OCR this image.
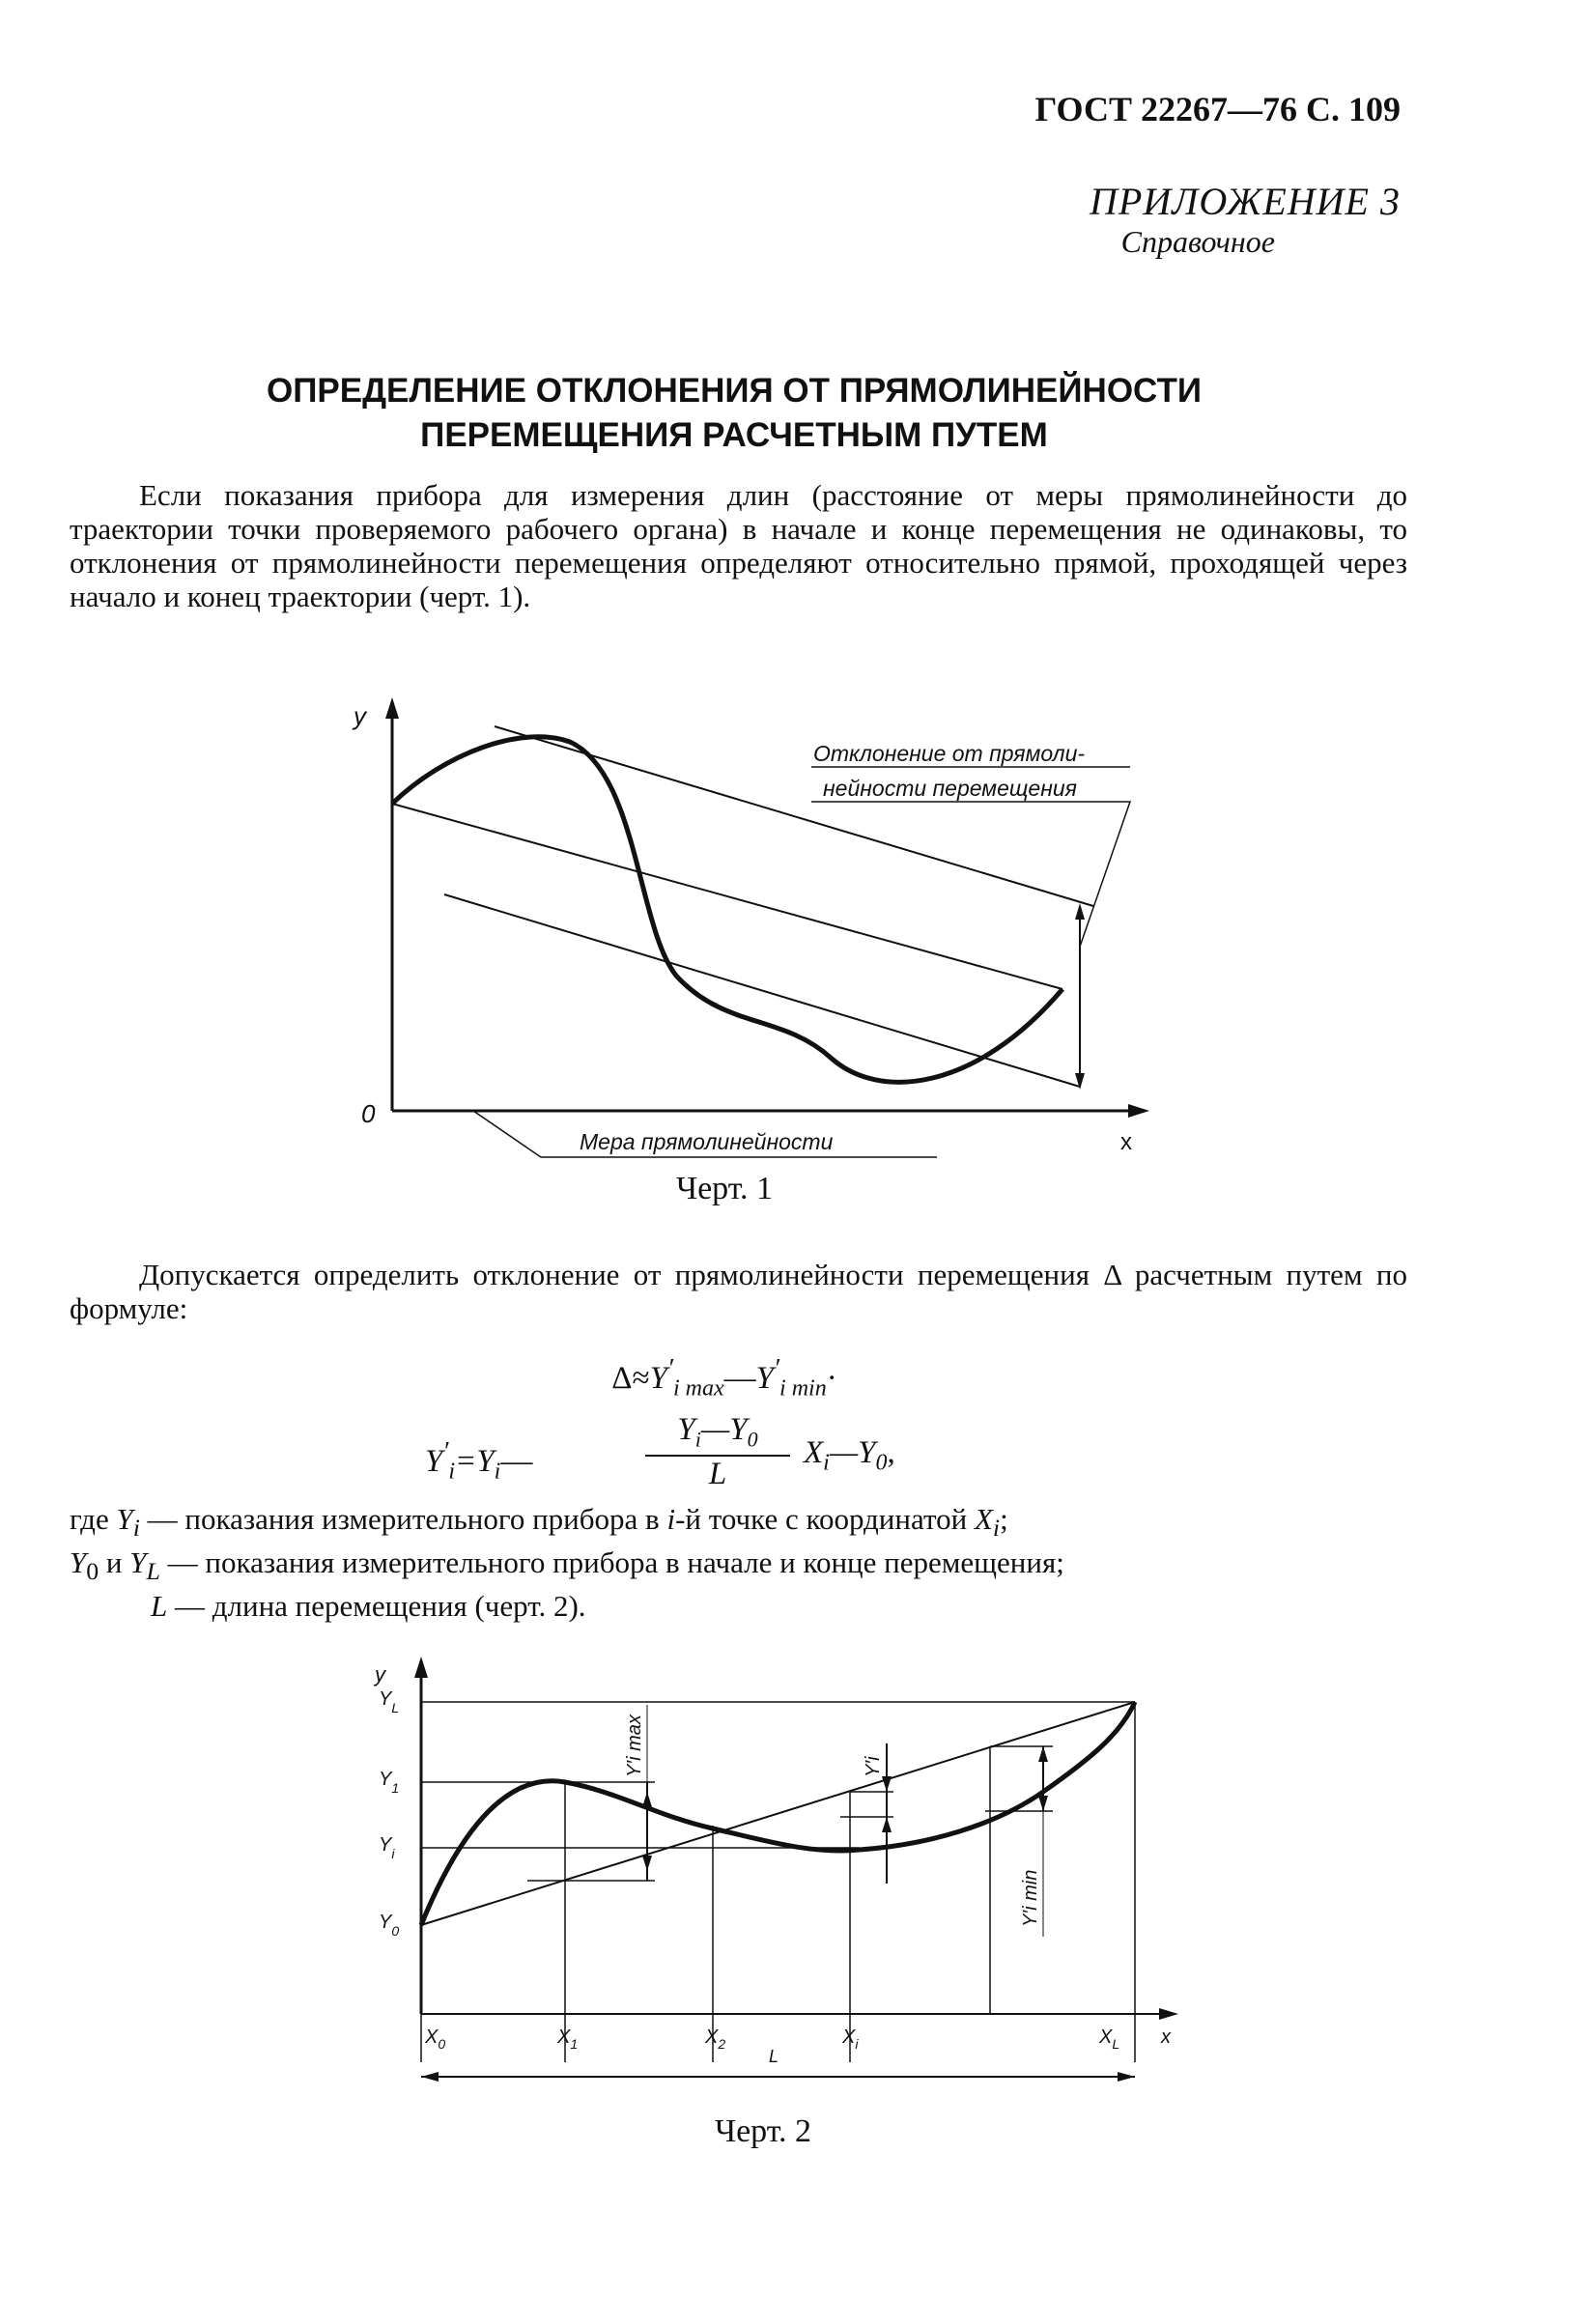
ГОСТ 22267—76 С. 109
ПРИЛОЖЕНИЕ 3
Справочное
ОПРЕДЕЛЕНИЕ ОТКЛОНЕНИЯ ОТ ПРЯМОЛИНЕЙНОСТИ
ПЕРЕМЕЩЕНИЯ РАСЧЕТНЫМ ПУТЕМ
Если показания прибора для измерения длин (расстояние от меры прямолинейности до траектории точки проверяемого рабочего органа) в начале и конце перемещения не одинаковы, то отклонения от прямолинейности перемещения определяют относительно прямой, проходящей через начало и конец траектории (черт. 1).
Отклонение от прямоли-
нейности перемещения
Мера прямолинейности
y
0
x
Черт. 1
Допускается определить отклонение от прямолинейности перемещения Δ расчетным путем по формуле:
$\Delta\approx Y'_{i max}—Y'_{i min}\cdot$
$Y'_i=Y_i—$	$\frac{Y_i—Y_0}{L}$ $X_i—Y_0$,
где $Y_i$ — показания измерительного прибора в i-й точке с координатой $X_i$;
$Y_0$ и $Y_L$ — показания измерительного прибора в начале и конце перемещения;
L — длина перемещения (черт. 2).
Y′i max	Y′i
Y′i min
L
y
$Y_L$
$Y_1$
$Y_i$
$Y_0$
$X_0$	$X_1$	$X_2$	$X_i$	$X_L$ x
Черт. 2
